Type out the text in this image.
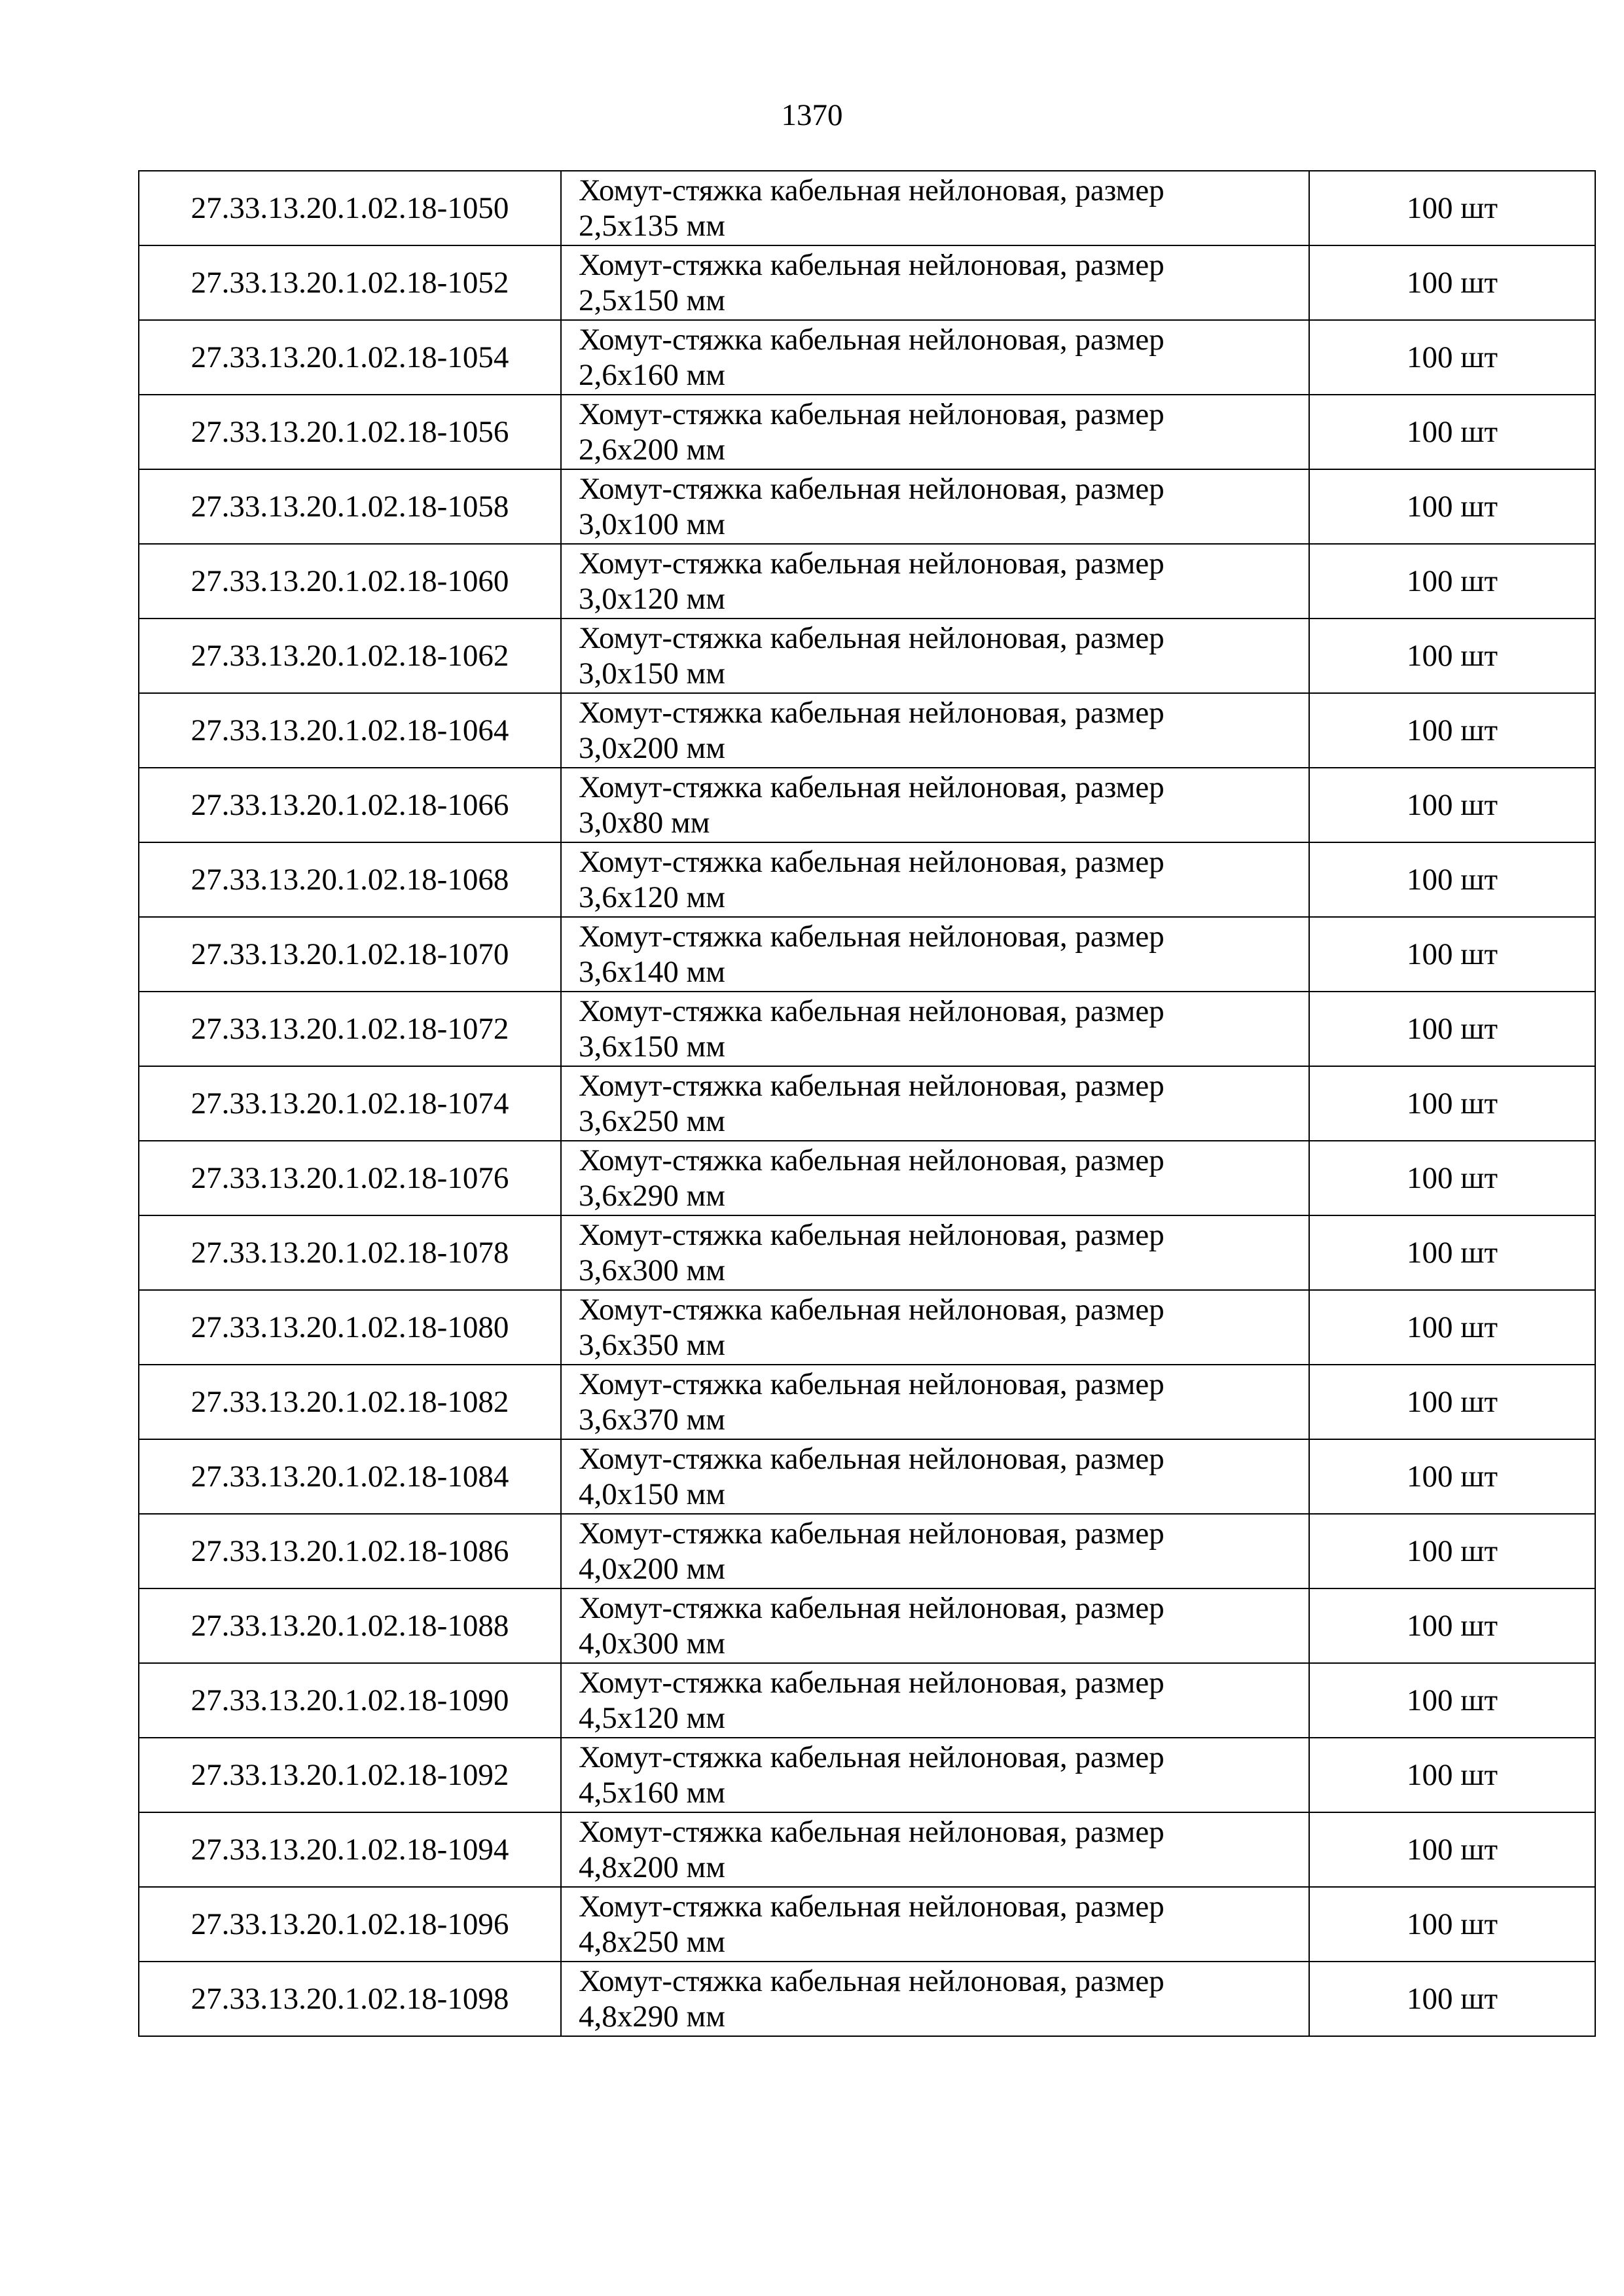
1370
27.33.13.20.1.02.18-1050	Хомут-стяжка кабельная нейлоновая, размер
2,5х135 мм	100 шт
27.33.13.20.1.02.18-1052	Хомут-стяжка кабельная нейлоновая, размер
2,5х150 мм	100 шт
27.33.13.20.1.02.18-1054	Хомут-стяжка кабельная нейлоновая, размер
2,6х160 мм	100 шт
27.33.13.20.1.02.18-1056	Хомут-стяжка кабельная нейлоновая, размер
2,6х200 мм	100 шт
27.33.13.20.1.02.18-1058	Хомут-стяжка кабельная нейлоновая, размер
3,0х100 мм	100 шт
27.33.13.20.1.02.18-1060	Хомут-стяжка кабельная нейлоновая, размер
3,0х120 мм	100 шт
27.33.13.20.1.02.18-1062	Хомут-стяжка кабельная нейлоновая, размер
3,0х150 мм	100 шт
27.33.13.20.1.02.18-1064	Хомут-стяжка кабельная нейлоновая, размер
3,0х200 мм	100 шт
27.33.13.20.1.02.18-1066	Хомут-стяжка кабельная нейлоновая, размер
3,0х80 мм	100 шт
27.33.13.20.1.02.18-1068	Хомут-стяжка кабельная нейлоновая, размер
3,6х120 мм	100 шт
27.33.13.20.1.02.18-1070	Хомут-стяжка кабельная нейлоновая, размер
3,6х140 мм	100 шт
27.33.13.20.1.02.18-1072	Хомут-стяжка кабельная нейлоновая, размер
3,6х150 мм	100 шт
27.33.13.20.1.02.18-1074	Хомут-стяжка кабельная нейлоновая, размер
3,6х250 мм	100 шт
27.33.13.20.1.02.18-1076	Хомут-стяжка кабельная нейлоновая, размер
3,6х290 мм	100 шт
27.33.13.20.1.02.18-1078	Хомут-стяжка кабельная нейлоновая, размер
3,6х300 мм	100 шт
27.33.13.20.1.02.18-1080	Хомут-стяжка кабельная нейлоновая, размер
3,6х350 мм	100 шт
27.33.13.20.1.02.18-1082	Хомут-стяжка кабельная нейлоновая, размер
3,6х370 мм	100 шт
27.33.13.20.1.02.18-1084	Хомут-стяжка кабельная нейлоновая, размер
4,0х150 мм	100 шт
27.33.13.20.1.02.18-1086	Хомут-стяжка кабельная нейлоновая, размер
4,0х200 мм	100 шт
27.33.13.20.1.02.18-1088	Хомут-стяжка кабельная нейлоновая, размер
4,0х300 мм	100 шт
27.33.13.20.1.02.18-1090	Хомут-стяжка кабельная нейлоновая, размер
4,5х120 мм	100 шт
27.33.13.20.1.02.18-1092	Хомут-стяжка кабельная нейлоновая, размер
4,5х160 мм	100 шт
27.33.13.20.1.02.18-1094	Хомут-стяжка кабельная нейлоновая, размер
4,8х200 мм	100 шт
27.33.13.20.1.02.18-1096	Хомут-стяжка кабельная нейлоновая, размер
4,8х250 мм	100 шт
27.33.13.20.1.02.18-1098	Хомут-стяжка кабельная нейлоновая, размер
4,8х290 мм	100 шт
